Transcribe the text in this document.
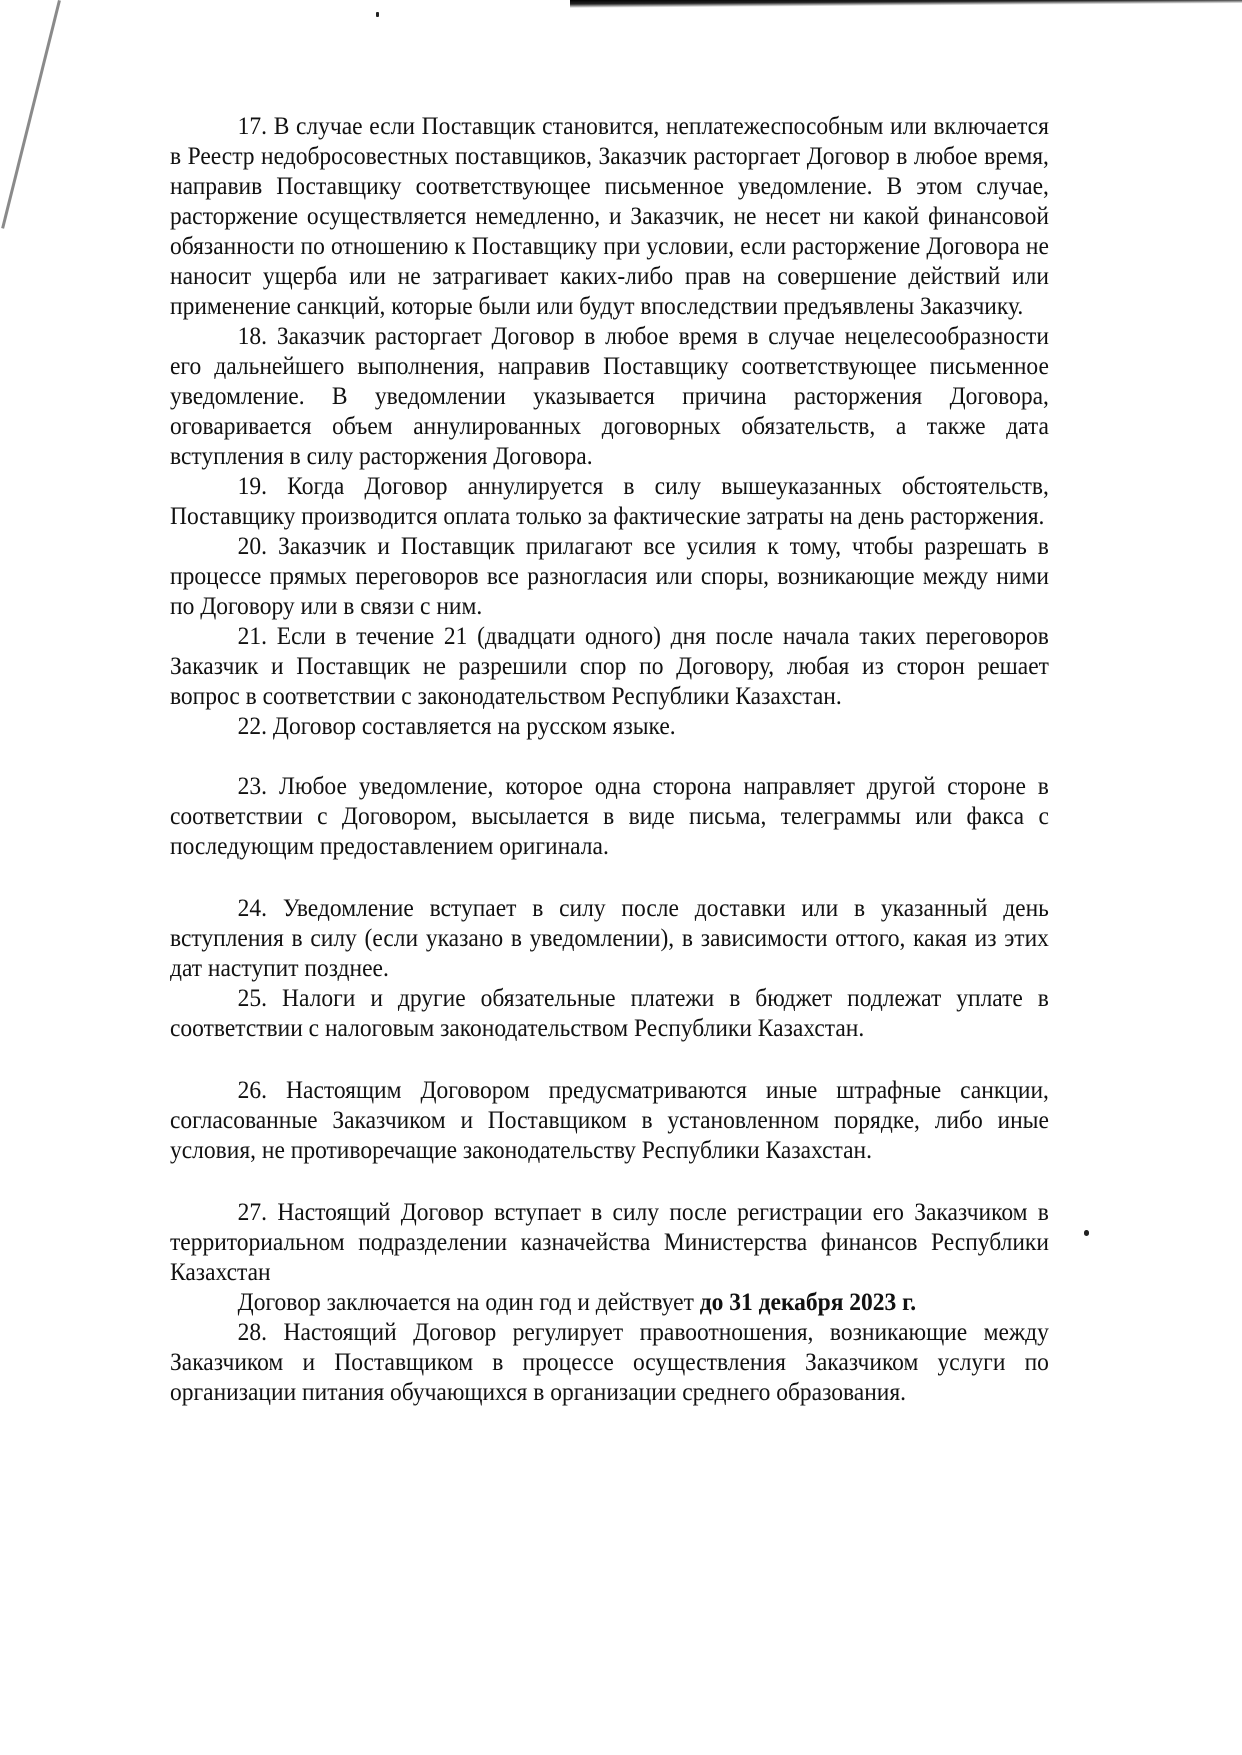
17. В случае если Поставщик становится, неплатежеспособным или включается в Реестр недобросовестных поставщиков, Заказчик расторгает Договор в любое время, направив Поставщику соответствующее письменное уведомление. В этом случае, расторжение осуществляется немедленно, и Заказчик, не несет ни какой финансовой обязанности по отношению к Поставщику при условии, если расторжение Договора не наносит ущерба или не затрагивает каких-либо прав на совершение действий или применение санкций, которые были или будут впоследствии предъявлены Заказчику.

18. Заказчик расторгает Договор в любое время в случае нецелесообразности его дальнейшего выполнения, направив Поставщику соответствующее письменное уведомление. В уведомлении указывается причина расторжения Договора, оговаривается объем аннулированных договорных обязательств, а также дата вступления в силу расторжения Договора.

19. Когда Договор аннулируется в силу вышеуказанных обстоятельств, Поставщику производится оплата только за фактические затраты на день расторжения.

20. Заказчик и Поставщик прилагают все усилия к тому, чтобы разрешать в процессе прямых переговоров все разногласия или споры, возникающие между ними по Договору или в связи с ним.

21. Если в течение 21 (двадцати одного) дня после начала таких переговоров Заказчик и Поставщик не разрешили спор по Договору, любая из сторон решает вопрос в соответствии с законодательством Республики Казахстан.

22. Договор составляется на русском языке.

23. Любое уведомление, которое одна сторона направляет другой стороне в соответствии с Договором, высылается в виде письма, телеграммы или факса с последующим предоставлением оригинала.

24. Уведомление вступает в силу после доставки или в указанный день вступления в силу (если указано в уведомлении), в зависимости оттого, какая из этих дат наступит позднее.

25. Налоги и другие обязательные платежи в бюджет подлежат уплате в соответствии с налоговым законодательством Республики Казахстан.

26. Настоящим Договором предусматриваются иные штрафные санкции, согласованные Заказчиком и Поставщиком в установленном порядке, либо иные условия, не противоречащие законодательству Республики Казахстан.

27. Настоящий Договор вступает в силу после регистрации его Заказчиком в территориальном подразделении казначейства Министерства финансов Республики Казахстан

Договор заключается на один год и действует до 31 декабря 2023 г.

28. Настоящий Договор регулирует правоотношения, возникающие между Заказчиком и Поставщиком в процессе осуществления Заказчиком услуги по организации питания обучающихся в организации среднего образования.
